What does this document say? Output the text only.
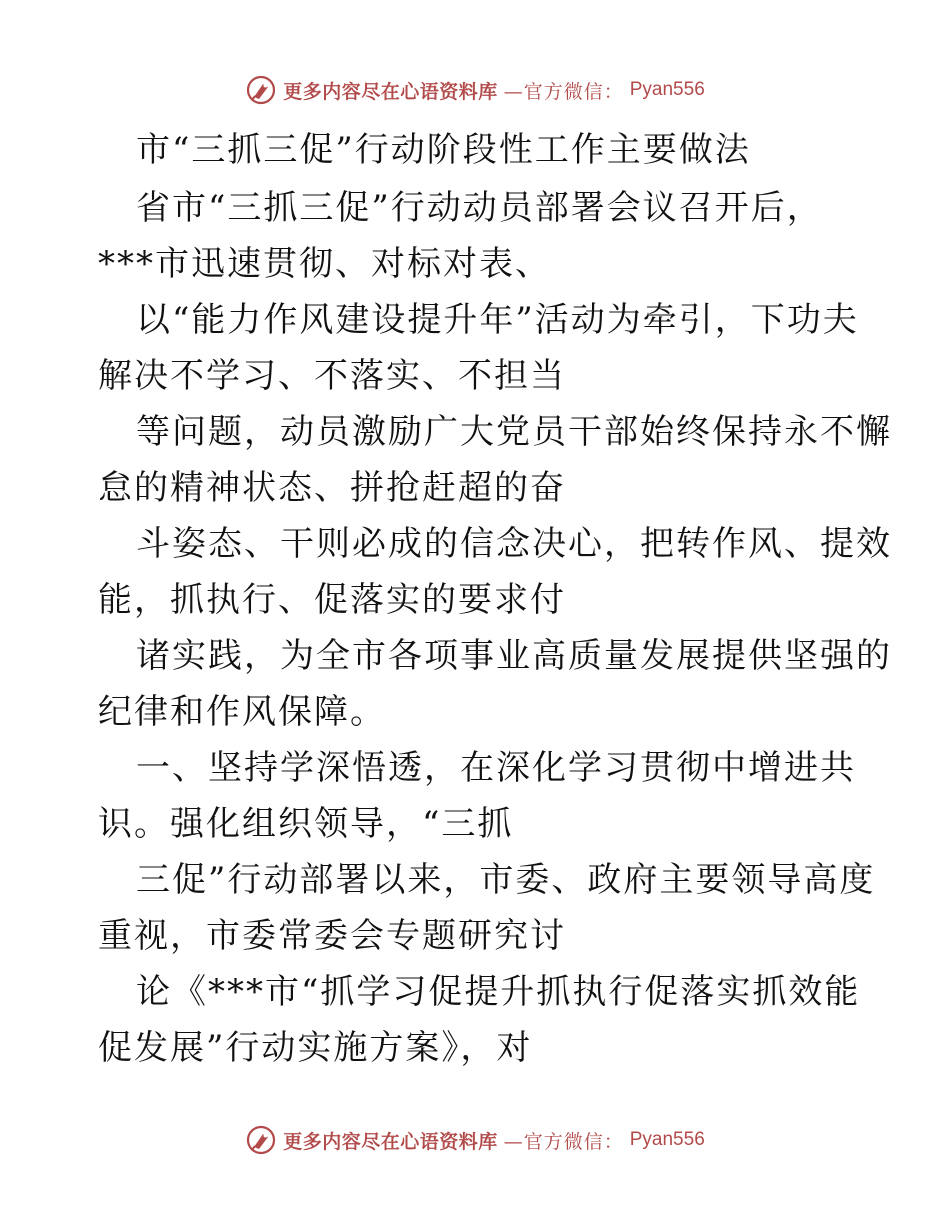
更多内容尽在心语资料库 —官方微信： Pyan556
市“三抓三促”行动阶段性工作主要做法
省市“三抓三促”行动动员部署会议召开后，
***市迅速贯彻、对标对表、
以“能力作风建设提升年”活动为牵引，下功夫
解决不学习、不落实、不担当
等问题，动员激励广大党员干部始终保持永不懈
怠的精神状态、拼抢赶超的奋
斗姿态、干则必成的信念决心，把转作风、提效
能，抓执行、促落实的要求付
诸实践，为全市各项事业高质量发展提供坚强的
纪律和作风保障。
一、坚持学深悟透，在深化学习贯彻中增进共
识。强化组织领导，“三抓
三促”行动部署以来，市委、政府主要领导高度
重视，市委常委会专题研究讨
论《***市“抓学习促提升抓执行促落实抓效能
促发展”行动实施方案》，对
更多内容尽在心语资料库 —官方微信： Pyan556
